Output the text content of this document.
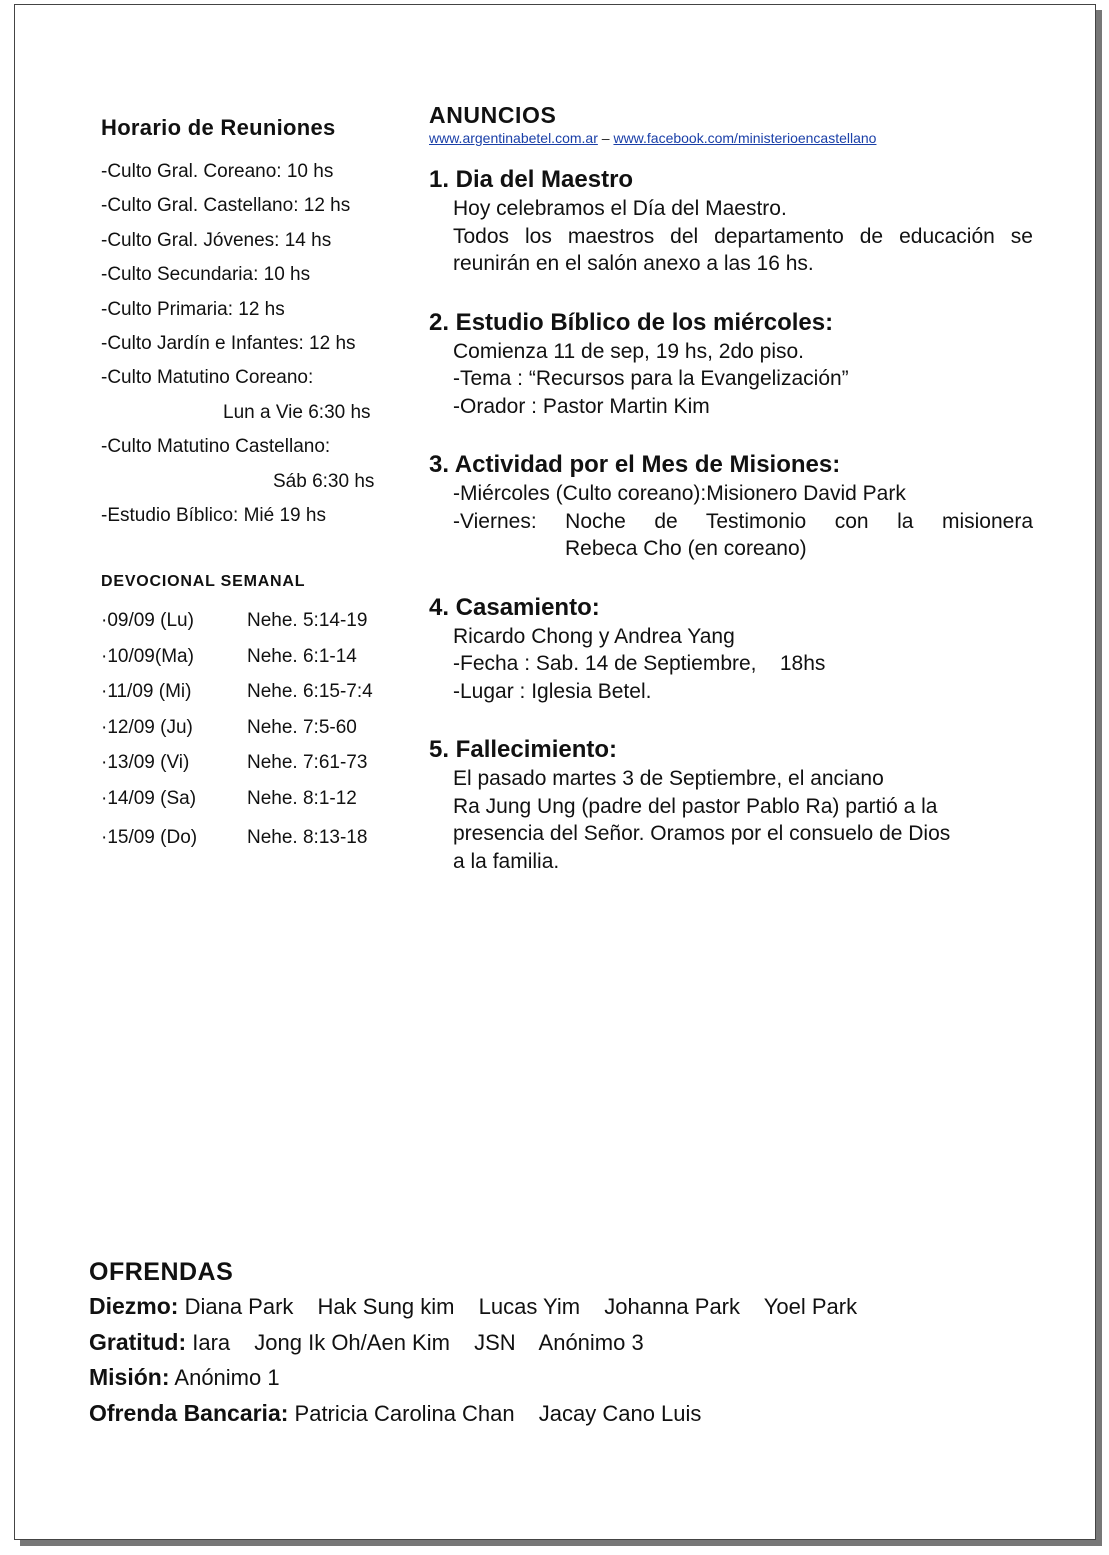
Horario de Reuniones
-Culto Gral. Coreano: 10 hs
-Culto Gral. Castellano: 12 hs
-Culto Gral. Jóvenes: 14 hs
-Culto Secundaria: 10 hs
-Culto Primaria: 12 hs
-Culto Jardín e Infantes: 12 hs
-Culto Matutino Coreano:
Lun a Vie 6:30 hs
-Culto Matutino Castellano:
Sáb 6:30 hs
-Estudio Bíblico: Mié 19 hs
DEVOCIONAL SEMANAL
·09/09 (Lu)	Nehe. 5:14-19
·10/09(Ma)	Nehe. 6:1-14
·11/09 (Mi)	Nehe. 6:15-7:4
·12/09 (Ju)	Nehe. 7:5-60
·13/09 (Vi)	Nehe. 7:61-73
·14/09 (Sa)	Nehe. 8:1-12
·15/09 (Do)	Nehe. 8:13-18
ANUNCIOS
www.argentinabetel.com.ar – www.facebook.com/ministerioencastellano
1. Dia del Maestro

Hoy celebramos el Día del Maestro.

Todos los maestros del departamento de educación se reunirán en el salón anexo a las 16 hs.

2. Estudio Bíblico de los miércoles:

Comienza 11 de sep, 19 hs, 2do piso.

-Tema : “Recursos para la Evangelización”

-Orador : Pastor Martin Kim

3. Actividad por el Mes de Misiones:

-Miércoles (Culto coreano):Misionero David Park

-Viernes: Noche de Testimonio con la misionera

Rebeca Cho (en coreano)

4. Casamiento:

Ricardo Chong y Andrea Yang

-Fecha : Sab. 14 de Septiembre,    18hs

-Lugar : Iglesia Betel.

5. Fallecimiento:

El pasado martes 3 de Septiembre, el anciano

Ra Jung Ung (padre del pastor Pablo Ra) partió a la

presencia del Señor. Oramos por el consuelo de Dios

a la familia.

OFRENDAS
Diezmo: Diana Park Hak Sung kim Lucas Yim Johanna Park Yoel Park
Gratitud: Iara Jong Ik Oh/Aen Kim JSN Anónimo 3
Misión: Anónimo 1
Ofrenda Bancaria: Patricia Carolina Chan Jacay Cano Luis
